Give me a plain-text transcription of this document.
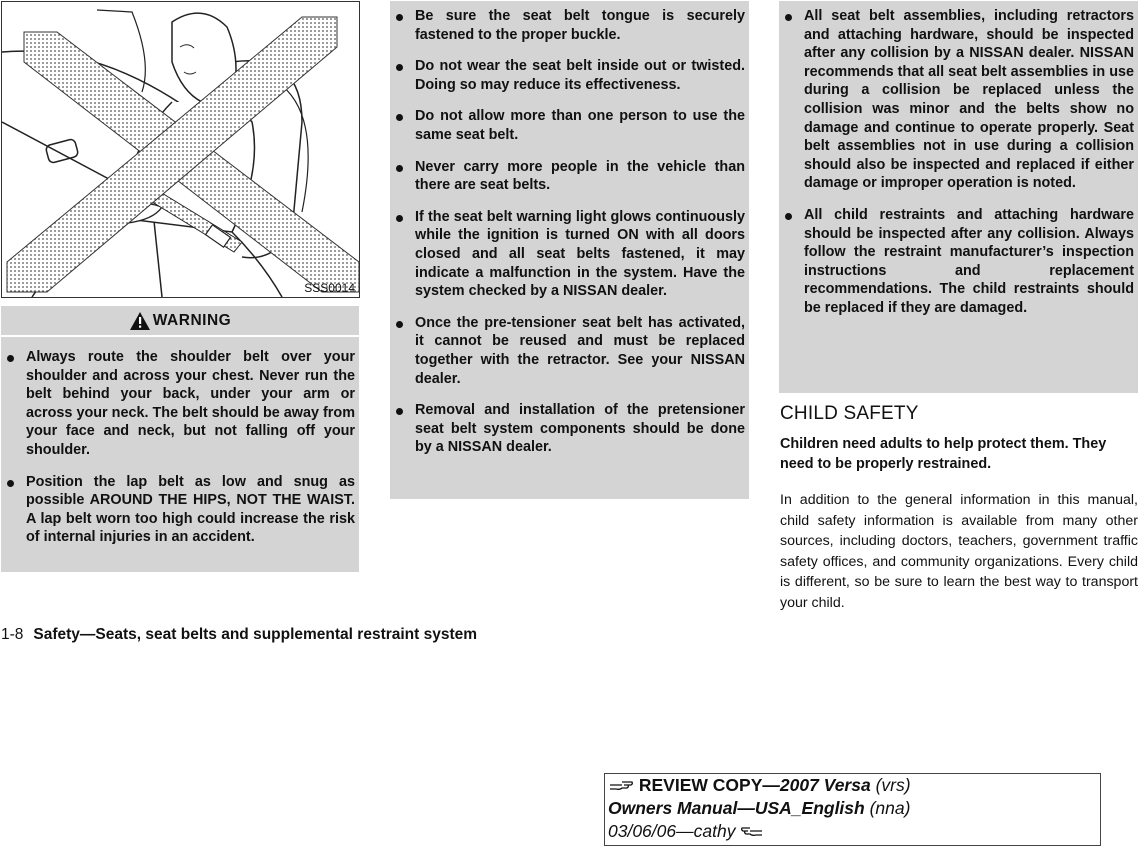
SSS0014
WARNING
Always route the shoulder belt over your shoulder and across your chest. Never run the belt behind your back, under your arm or across your neck. The belt should be away from your face and neck, but not falling off your shoulder.
Position the lap belt as low and snug as possible AROUND THE HIPS, NOT THE WAIST. A lap belt worn too high could increase the risk of internal injuries in an accident.
Be sure the seat belt tongue is securely fastened to the proper buckle.
Do not wear the seat belt inside out or twisted. Doing so may reduce its effectiveness.
Do not allow more than one person to use the same seat belt.
Never carry more people in the vehicle than there are seat belts.
If the seat belt warning light glows continuously while the ignition is turned ON with all doors closed and all seat belts fastened, it may indicate a malfunction in the system. Have the system checked by a NISSAN dealer.
Once the pre-tensioner seat belt has activated, it cannot be reused and must be replaced together with the retractor. See your NISSAN dealer.
Removal and installation of the pretensioner seat belt system components should be done by a NISSAN dealer.
All seat belt assemblies, including retractors and attaching hardware, should be inspected after any collision by a NISSAN dealer. NISSAN recommends that all seat belt assemblies in use during a collision be replaced unless the collision was minor and the belts show no damage and continue to operate properly. Seat belt assemblies not in use during a collision should also be inspected and replaced if either damage or improper operation is noted.
All child restraints and attaching hardware should be inspected after any collision. Always follow the restraint manufacturer’s inspection instructions and replacement recommendations. The child restraints should be replaced if they are damaged.
CHILD SAFETY

Children need adults to help protect them. They need to be properly restrained.

In addition to the general information in this manual, child safety information is available from many other sources, including doctors, teachers, government traffic safety offices, and community organizations. Every child is different, so be sure to learn the best way to transport your child.

1-8 Safety—Seats, seat belts and supplemental restraint system
REVIEW COPY—2007 Versa (vrs)
Owners Manual—USA_English (nna)
03/06/06—cathy
